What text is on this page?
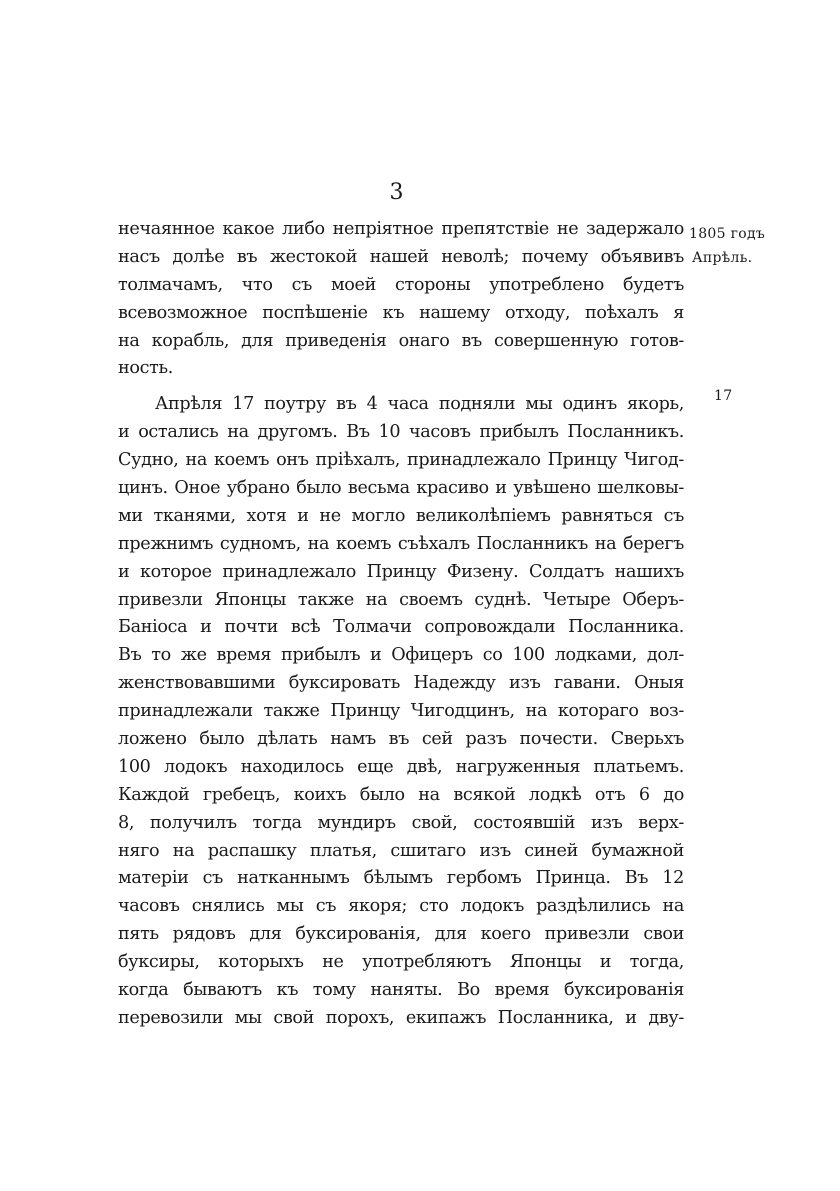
3
нечаянное какое либо непріятное препятствіе не задержало
насъ долѣе въ жестокой нашей неволѣ; почему объявивъ
толмачамъ, что съ моей стороны употреблено будетъ
всевозможное поспѣшеніе къ нашему отходу, поѣхалъ я
на корабль, для приведенія онаго въ совершенную готов-
ность.
Апрѣля 17 поутру въ 4 часа подняли мы одинъ якорь,
и остались на другомъ. Въ 10 часовъ прибылъ Посланникъ.
Судно, на коемъ онъ пріѣхалъ, принадлежало Принцу Чигод-
цинъ. Оное убрано было весьма красиво и увѣшено шелковы-
ми тканями, хотя и не могло великолѣпіемъ равняться съ
прежнимъ судномъ, на коемъ съѣхалъ Посланникъ на берегъ
и которое принадлежало Принцу Физену. Солдатъ нашихъ
привезли Японцы также на своемъ суднѣ. Четыре Оберъ-
Баніоса и почти всѣ Толмачи сопровождали Посланника.
Въ то же время прибылъ и Офицеръ со 100 лодками, дол-
женствовавшими буксировать Надежду изъ гавани. Оныя
принадлежали также Принцу Чигодцинъ, на котораго воз-
ложено было дѣлать намъ въ сей разъ почести. Сверьхъ
100 лодокъ находилось еще двѣ, нагруженныя платьемъ.
Каждой гребецъ, коихъ было на всякой лодкѣ отъ 6 до
8, получилъ тогда мундиръ свой, состоявшій изъ верх-
няго на распашку платья, сшитаго изъ синей бумажной
матеріи съ натканнымъ бѣлымъ гербомъ Принца. Въ 12
часовъ снялись мы съ якоря; сто лодокъ раздѣлились на
пять рядовъ для буксированія, для коего привезли свои
буксиры, которыхъ не употребляютъ Японцы и тогда,
когда бываютъ къ тому наняты. Во время буксированія
перевозили мы свой порохъ, екипажъ Посланника, и дву-
1805 годъ
Апрѣль.
17
